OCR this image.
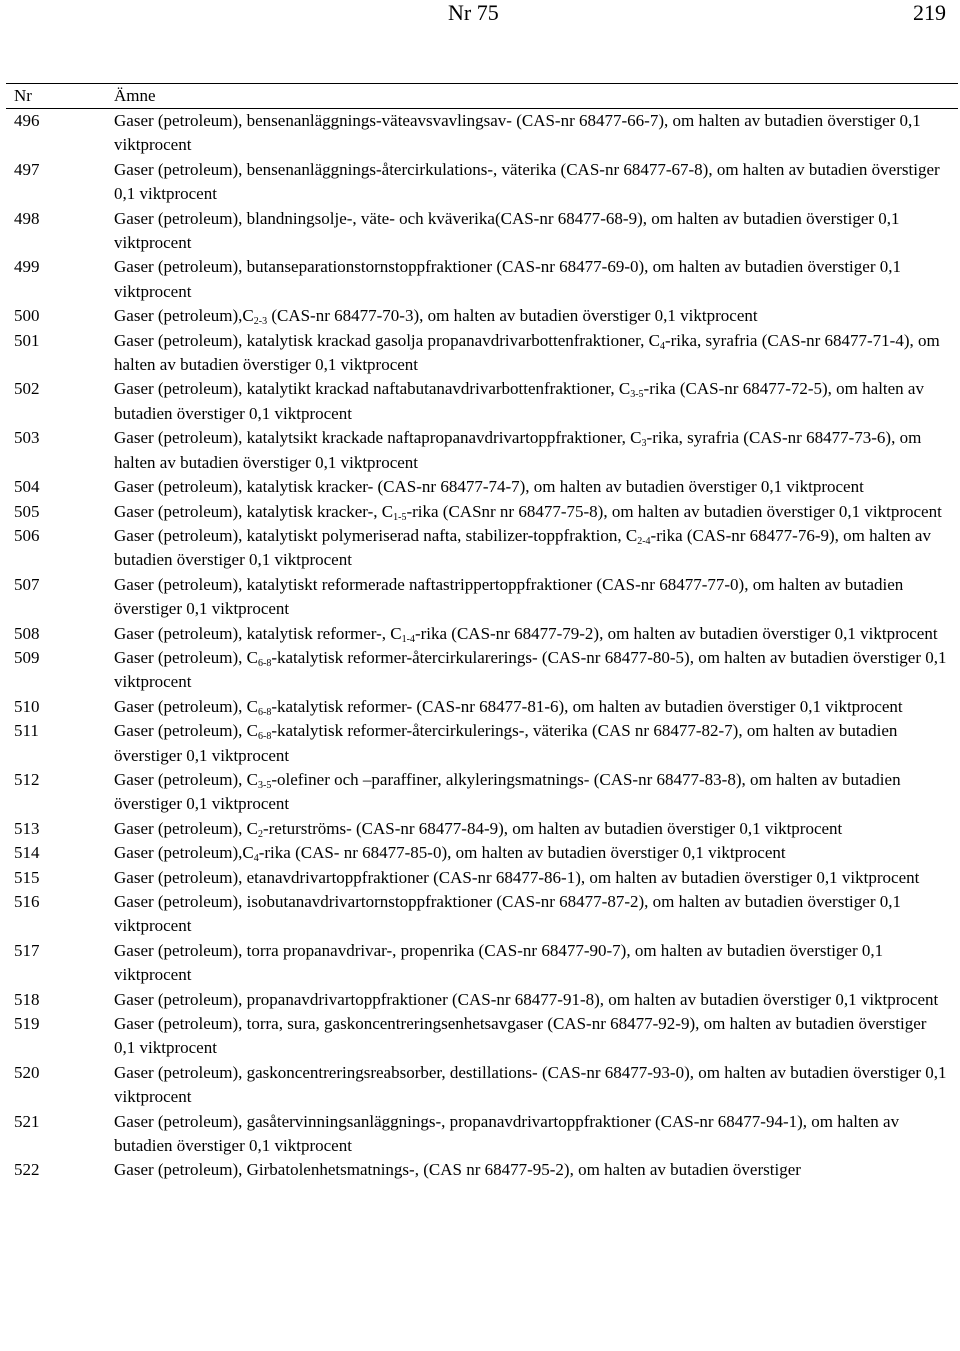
Nr 75	219
Nr	Ämne
496	Gaser (petroleum), bensenanläggnings-väteavsvavlingsav- (CAS-nr 68477-66-7), om halten av butadien överstiger 0,1 viktprocent
497	Gaser (petroleum), bensenanläggnings-återcirkulations-, väterika (CAS-nr 68477-67-8), om halten av butadien överstiger 0,1 viktprocent
498	Gaser (petroleum), blandningsolje-, väte- och kväverika(CAS-nr 68477-68-9), om halten av butadien överstiger 0,1 viktprocent
499	Gaser (petroleum), butanseparationstornstoppfraktioner (CAS-nr 68477-69-0), om halten av butadien överstiger 0,1 viktprocent
500	Gaser $(petroleum),C_{2-3}$ (CAS-nr 68477-70-3), om halten av butadien överstiger 0,1 viktprocent
501	Gaser (petroleum), katalytisk krackad gasolja propanavdrivarbottenfraktioner, $C_4$-rika, syrafria (CAS-nr 68477-71-4), om halten av butadien överstiger 0,1 viktprocent
502	Gaser (petroleum), katalytikt krackad naftabutanavdrivarbottenfraktioner, $C_{3-5}$-rika (CAS-nr 68477-72-5), om halten av butadien överstiger 0,1 viktprocent
503	Gaser (petroleum), katalytsikt krackade naftapropanavdrivartoppfraktioner, $C_3$-rika, syrafria (CAS-nr 68477-73-6), om halten av butadien överstiger 0,1 viktprocent
504	Gaser (petroleum), katalytisk kracker- (CAS-nr 68477-74-7), om halten av butadien överstiger 0,1 viktprocent
505	Gaser (petroleum), katalytisk kracker-, $C_{1-5}$-rika (CASnr nr 68477-75-8), om halten av butadien överstiger 0,1 viktprocent
506	Gaser (petroleum), katalytiskt polymeriserad nafta, stabilizer-toppfraktion, $C_{2-4}$-rika (CAS-nr 68477-76-9), om halten av butadien överstiger 0,1 viktprocent
507	Gaser (petroleum), katalytiskt reformerade naftastrippertoppfraktioner (CAS-nr 68477-77-0), om halten av butadien överstiger 0,1 viktprocent
508	Gaser (petroleum), katalytisk reformer-, $C_{1-4}$-rika (CAS-nr 68477-79-2), om halten av butadien överstiger 0,1 viktprocent
509	Gaser (petroleum), $C_{6-8}$-katalytisk reformer-återcirkularerings- (CAS-nr 68477-80-5), om halten av butadien överstiger 0,1 viktprocent
510	Gaser (petroleum), $C_{6-8}$-katalytisk reformer- (CAS-nr 68477-81-6), om halten av butadien överstiger 0,1 viktprocent
511	Gaser (petroleum), $C_{6-8}$-katalytisk reformer-återcirkulerings-, väterika (CAS nr 68477-82-7), om halten av butadien överstiger 0,1 viktprocent
512	Gaser (petroleum), $C_{3-5}$-olefiner och –paraffiner, alkyleringsmatnings- (CAS-nr 68477-83-8), om halten av butadien överstiger 0,1 viktprocent
513	Gaser (petroleum), $C_2-returströms-$ (CAS-nr 68477-84-9), om halten av butadien överstiger 0,1 viktprocent
514	Gaser $(petroleum),C_4$-rika (CAS- nr 68477-85-0), om halten av butadien överstiger 0,1 viktprocent
515	Gaser (petroleum), etanavdrivartoppfraktioner (CAS-nr 68477-86-1), om halten av butadien överstiger 0,1 viktprocent
516	Gaser (petroleum), isobutanavdrivartornstoppfraktioner (CAS-nr 68477-87-2), om halten av butadien överstiger 0,1 viktprocent
517	Gaser (petroleum), torra propanavdrivar-, propenrika (CAS-nr 68477-90-7), om halten av butadien överstiger 0,1 viktprocent
518	Gaser (petroleum), propanavdrivartoppfraktioner (CAS-nr 68477-91-8), om halten av butadien överstiger 0,1 viktprocent
519	Gaser (petroleum), torra, sura, gaskoncentreringsenhetsavgaser (CAS-nr 68477-92-9), om halten av butadien överstiger 0,1 viktprocent
520	Gaser (petroleum), gaskoncentreringsreabsorber, destillations- (CAS-nr 68477-93-0), om halten av butadien överstiger 0,1 viktprocent
521	Gaser (petroleum), gasåtervinningsanläggnings-, propanavdrivartoppfraktioner (CAS-nr 68477-94-1), om halten av butadien överstiger 0,1 viktprocent
522	Gaser (petroleum), Girbatolenhetsmatnings-, (CAS nr 68477-95-2), om halten av butadien överstiger
